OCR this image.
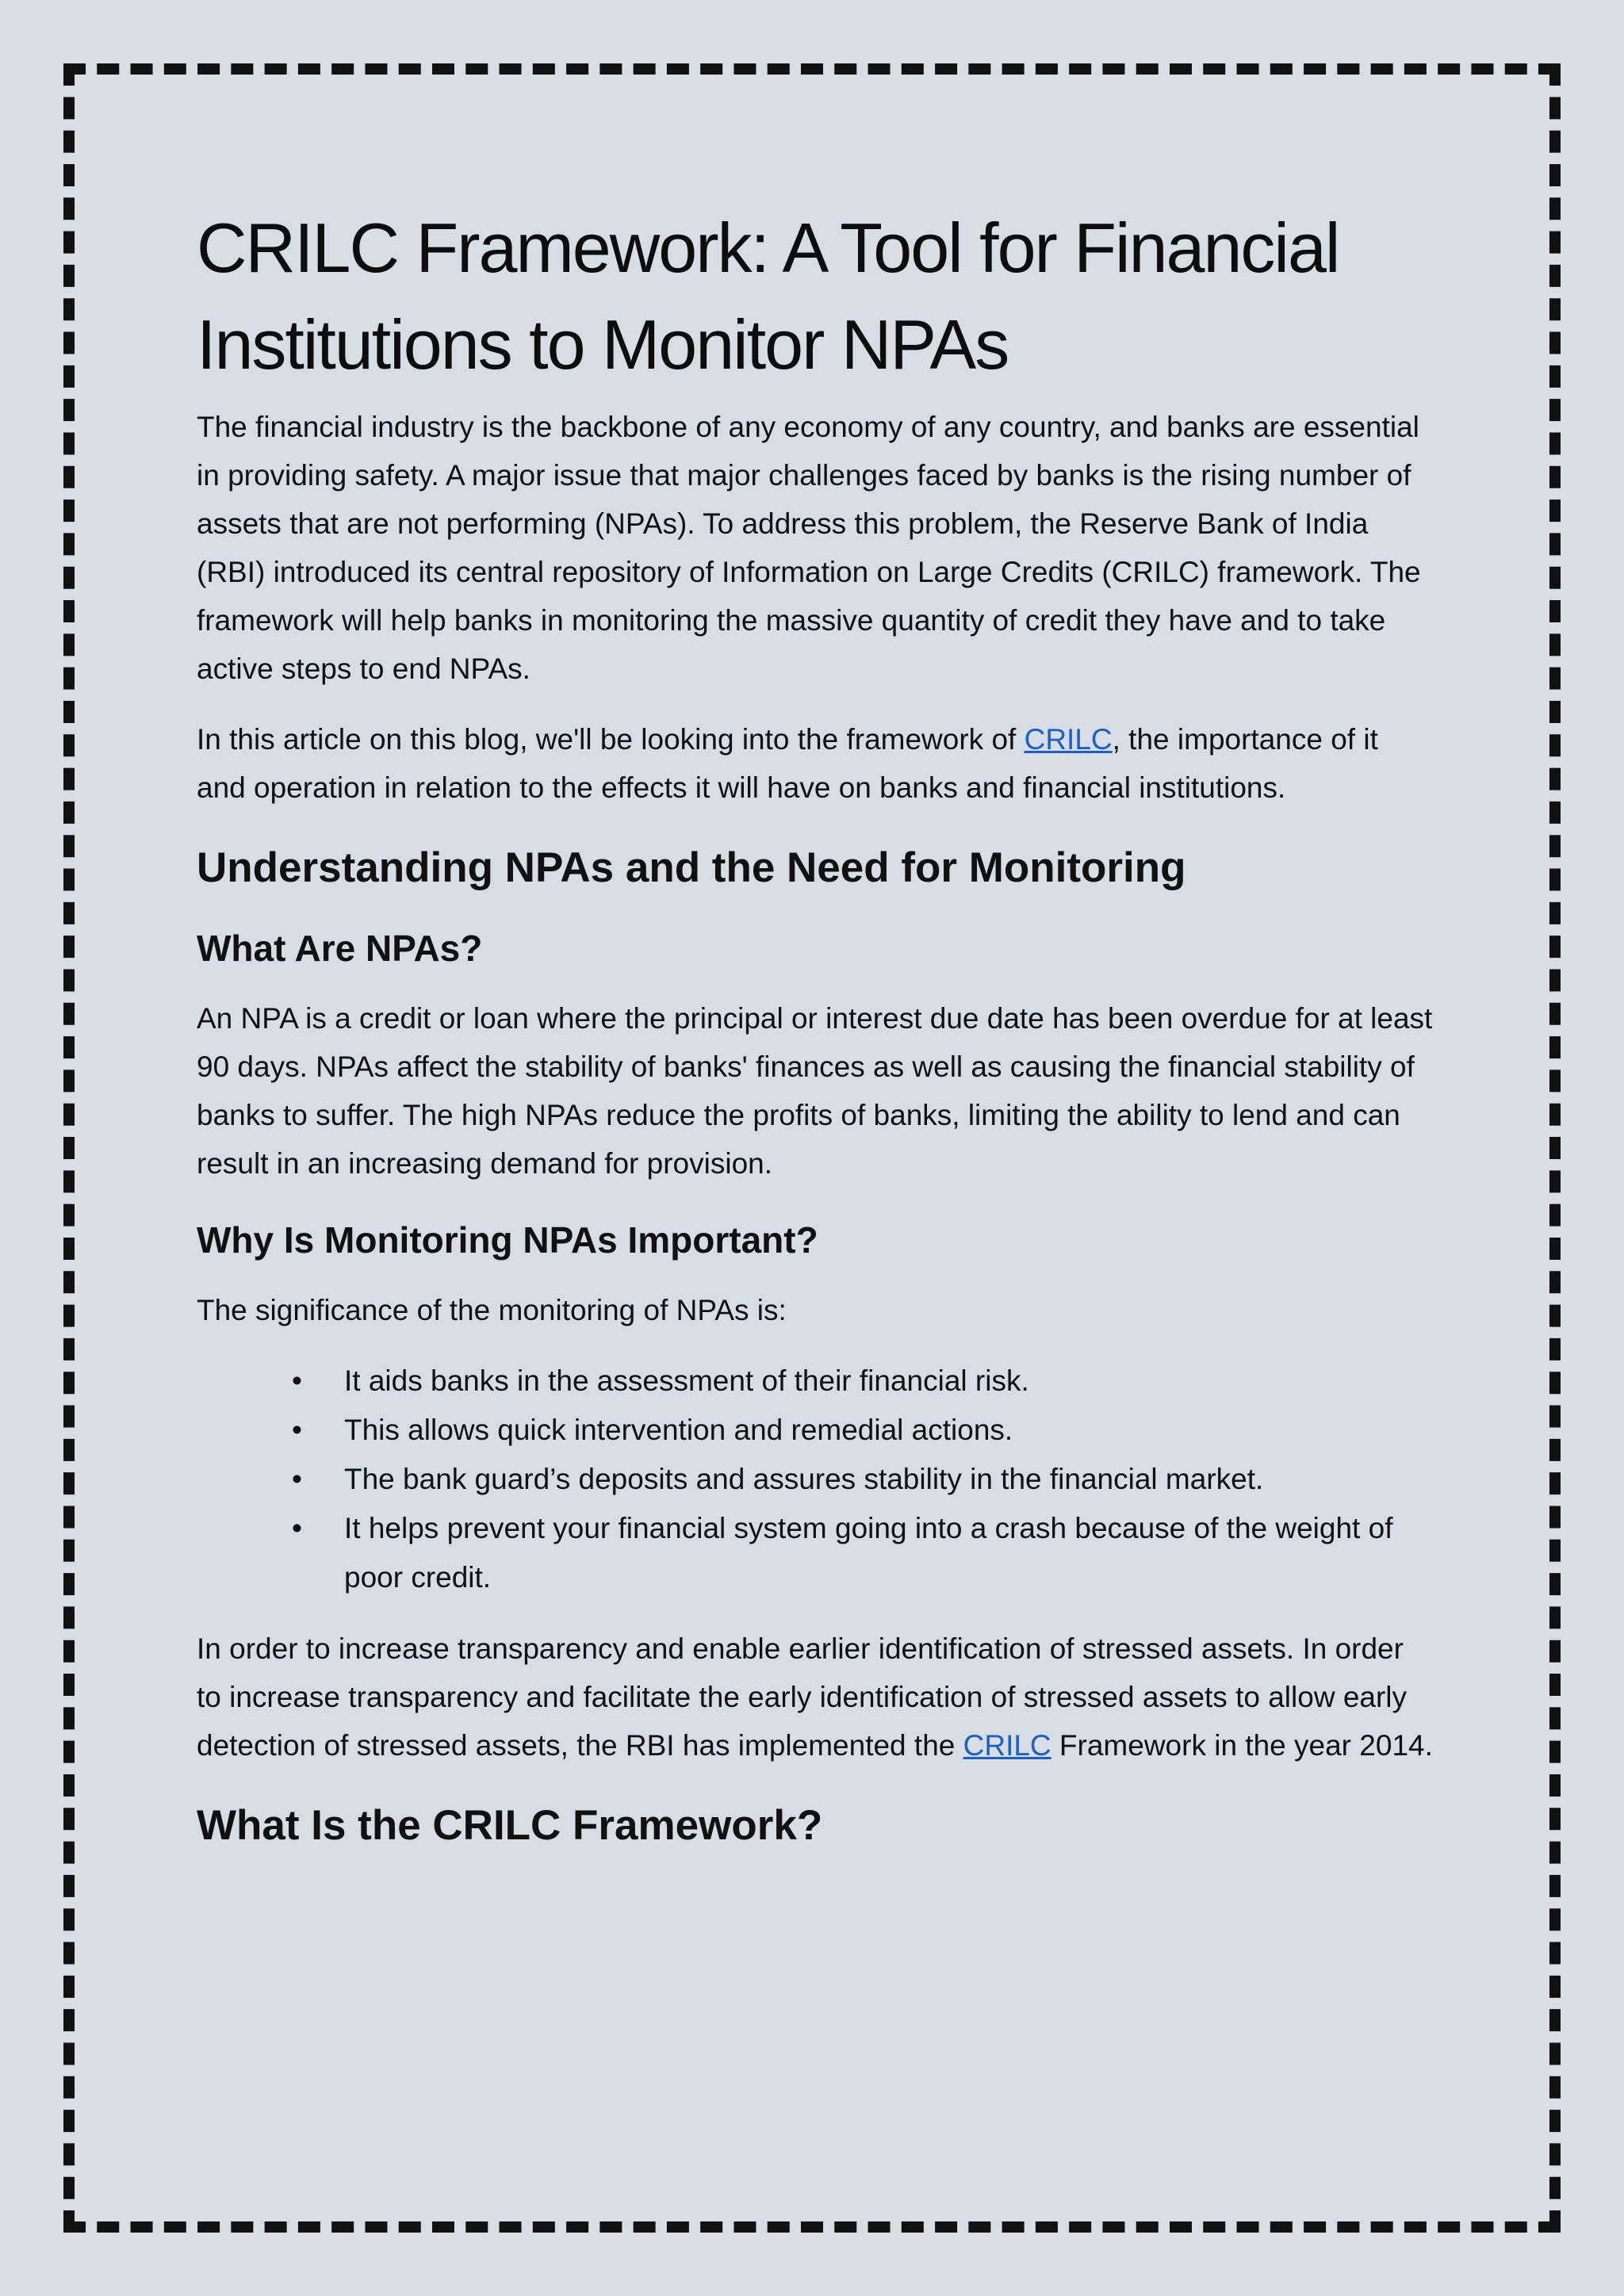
CRILC Framework: A Tool for Financial Institutions to Monitor NPAs

The financial industry is the backbone of any economy of any country, and banks are essential in providing safety. A major issue that major challenges faced by banks is the rising number of assets that are not performing (NPAs). To address this problem, the Reserve Bank of India (RBI) introduced its central repository of Information on Large Credits (CRILC) framework. The framework will help banks in monitoring the massive quantity of credit they have and to take active steps to end NPAs.

In this article on this blog, we'll be looking into the framework of CRILC, the importance of it and operation in relation to the effects it will have on banks and financial institutions.

Understanding NPAs and the Need for Monitoring
What Are NPAs?

An NPA is a credit or loan where the principal or interest due date has been overdue for at least 90 days. NPAs affect the stability of banks' finances as well as causing the financial stability of banks to suffer. The high NPAs reduce the profits of banks, limiting the ability to lend and can result in an increasing demand for provision.

Why Is Monitoring NPAs Important?

The significance of the monitoring of NPAs is:

• It aids banks in the assessment of their financial risk.
• This allows quick intervention and remedial actions.
• The bank guard’s deposits and assures stability in the financial market.
• It helps prevent your financial system going into a crash because of the weight of poor credit.

In order to increase transparency and enable earlier identification of stressed assets. In order to increase transparency and facilitate the early identification of stressed assets to allow early detection of stressed assets, the RBI has implemented the CRILC Framework in the year 2014.

What Is the CRILC Framework?
